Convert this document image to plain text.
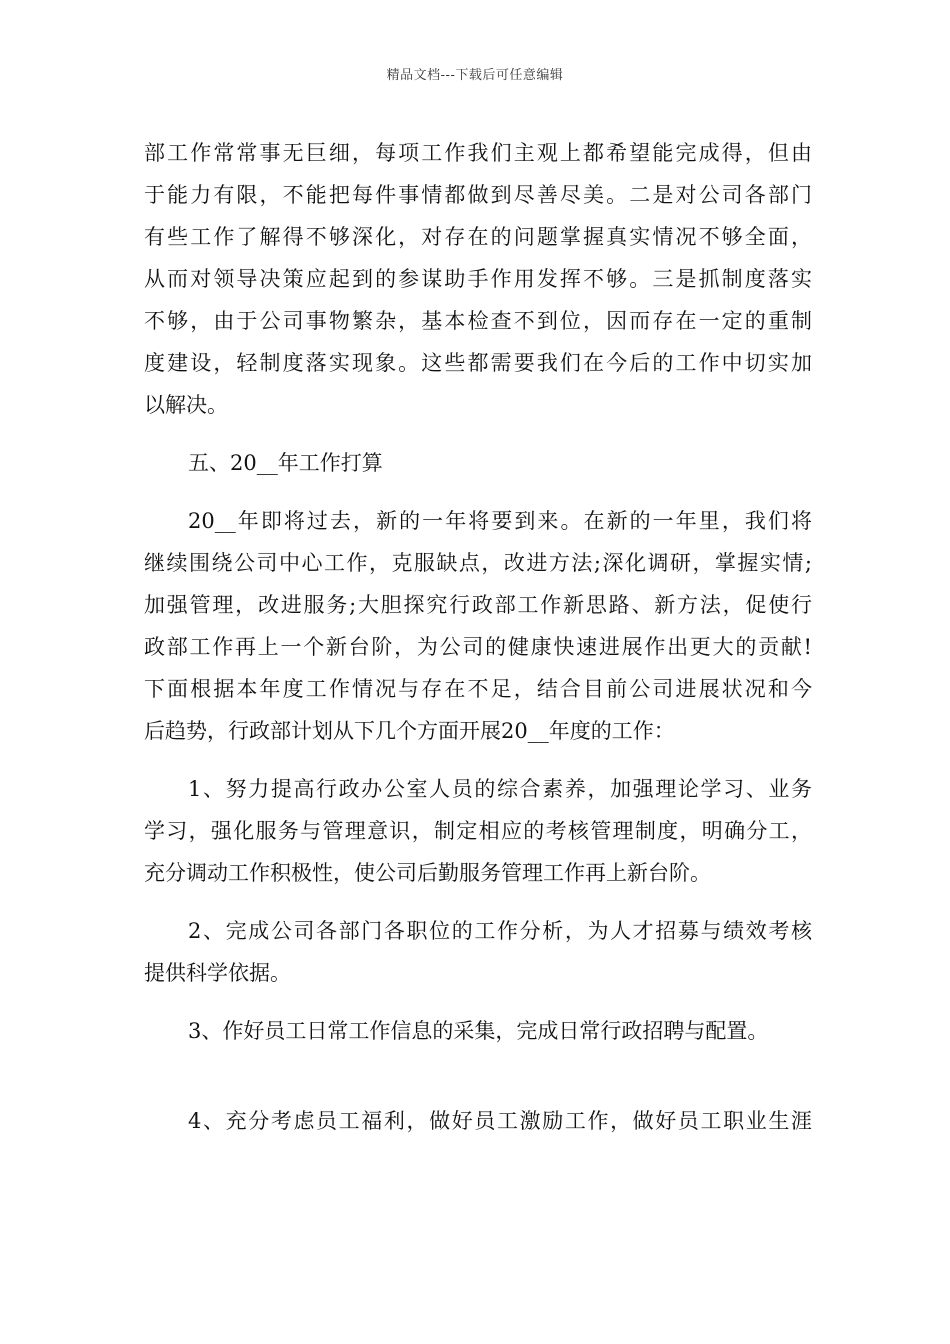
精品文档---下载后可任意编辑
部工作常常事无巨细，每项工作我们主观上都希望能完成得，但由
于能力有限，不能把每件事情都做到尽善尽美。二是对公司各部门
有些工作了解得不够深化，对存在的问题掌握真实情况不够全面，
从而对领导决策应起到的参谋助手作用发挥不够。三是抓制度落实
不够，由于公司事物繁杂，基本检查不到位，因而存在一定的重制
度建设，轻制度落实现象。这些都需要我们在今后的工作中切实加
以解决。
五、20__年工作打算
20__年即将过去，新的一年将要到来。在新的一年里，我们将
继续围绕公司中心工作，克服缺点，改进方法;深化调研，掌握实情;
加强管理，改进服务;大胆探究行政部工作新思路、新方法，促使行
政部工作再上一个新台阶，为公司的健康快速进展作出更大的贡献!
下面根据本年度工作情况与存在不足，结合目前公司进展状况和今
后趋势，行政部计划从下几个方面开展20__年度的工作：
1、努力提高行政办公室人员的综合素养，加强理论学习、业务
学习，强化服务与管理意识，制定相应的考核管理制度，明确分工，
充分调动工作积极性，使公司后勤服务管理工作再上新台阶。
2、完成公司各部门各职位的工作分析，为人才招募与绩效考核
提供科学依据。
3、作好员工日常工作信息的采集，完成日常行政招聘与配置。
4、充分考虑员工福利，做好员工激励工作，做好员工职业生涯
